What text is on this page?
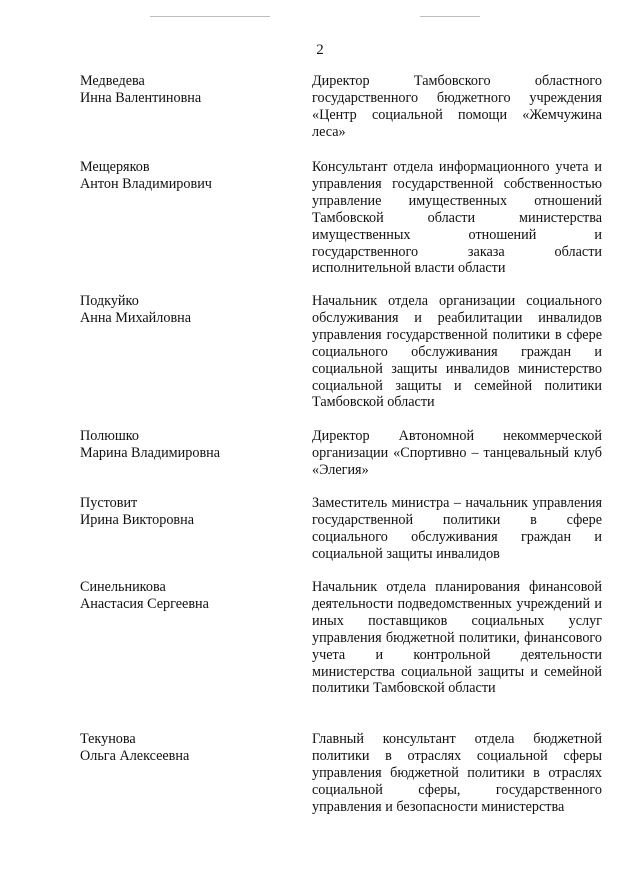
2
Медведева
Инна Валентиновна
Директор Тамбовского областного государственного бюджетного учреждения «Центр социальной помощи «Жемчужина леса»
Мещеряков
Антон Владимирович
Консультант отдела информационного учета и управления государственной собственностью управление имущественных отношений Тамбовской области министерства имущественных отношений и государственного заказа области исполнительной власти области
Подкуйко
Анна Михайловна
Начальник отдела организации социального обслуживания и реабилитации инвалидов управления государственной политики в сфере социального обслуживания граждан и социальной защиты инвалидов министерство социальной защиты и семейной политики Тамбовской области
Полюшко
Марина Владимировна
Директор Автономной некоммерческой организации «Спортивно – танцевальный клуб «Элегия»
Пустовит
Ирина Викторовна
Заместитель министра – начальник управления государственной политики в сфере социального обслуживания граждан и социальной защиты инвалидов
Синельникова
Анастасия Сергеевна
Начальник отдела планирования финансовой деятельности подведомственных учреждений и иных поставщиков социальных услуг управления бюджетной политики, финансового учета и контрольной деятельности министерства социальной защиты и семейной политики Тамбовской области
Текунова
Ольга Алексеевна
Главный консультант отдела бюджетной политики в отраслях социальной сферы управления бюджетной политики в отраслях социальной сферы, государственного управления и безопасности министерства
